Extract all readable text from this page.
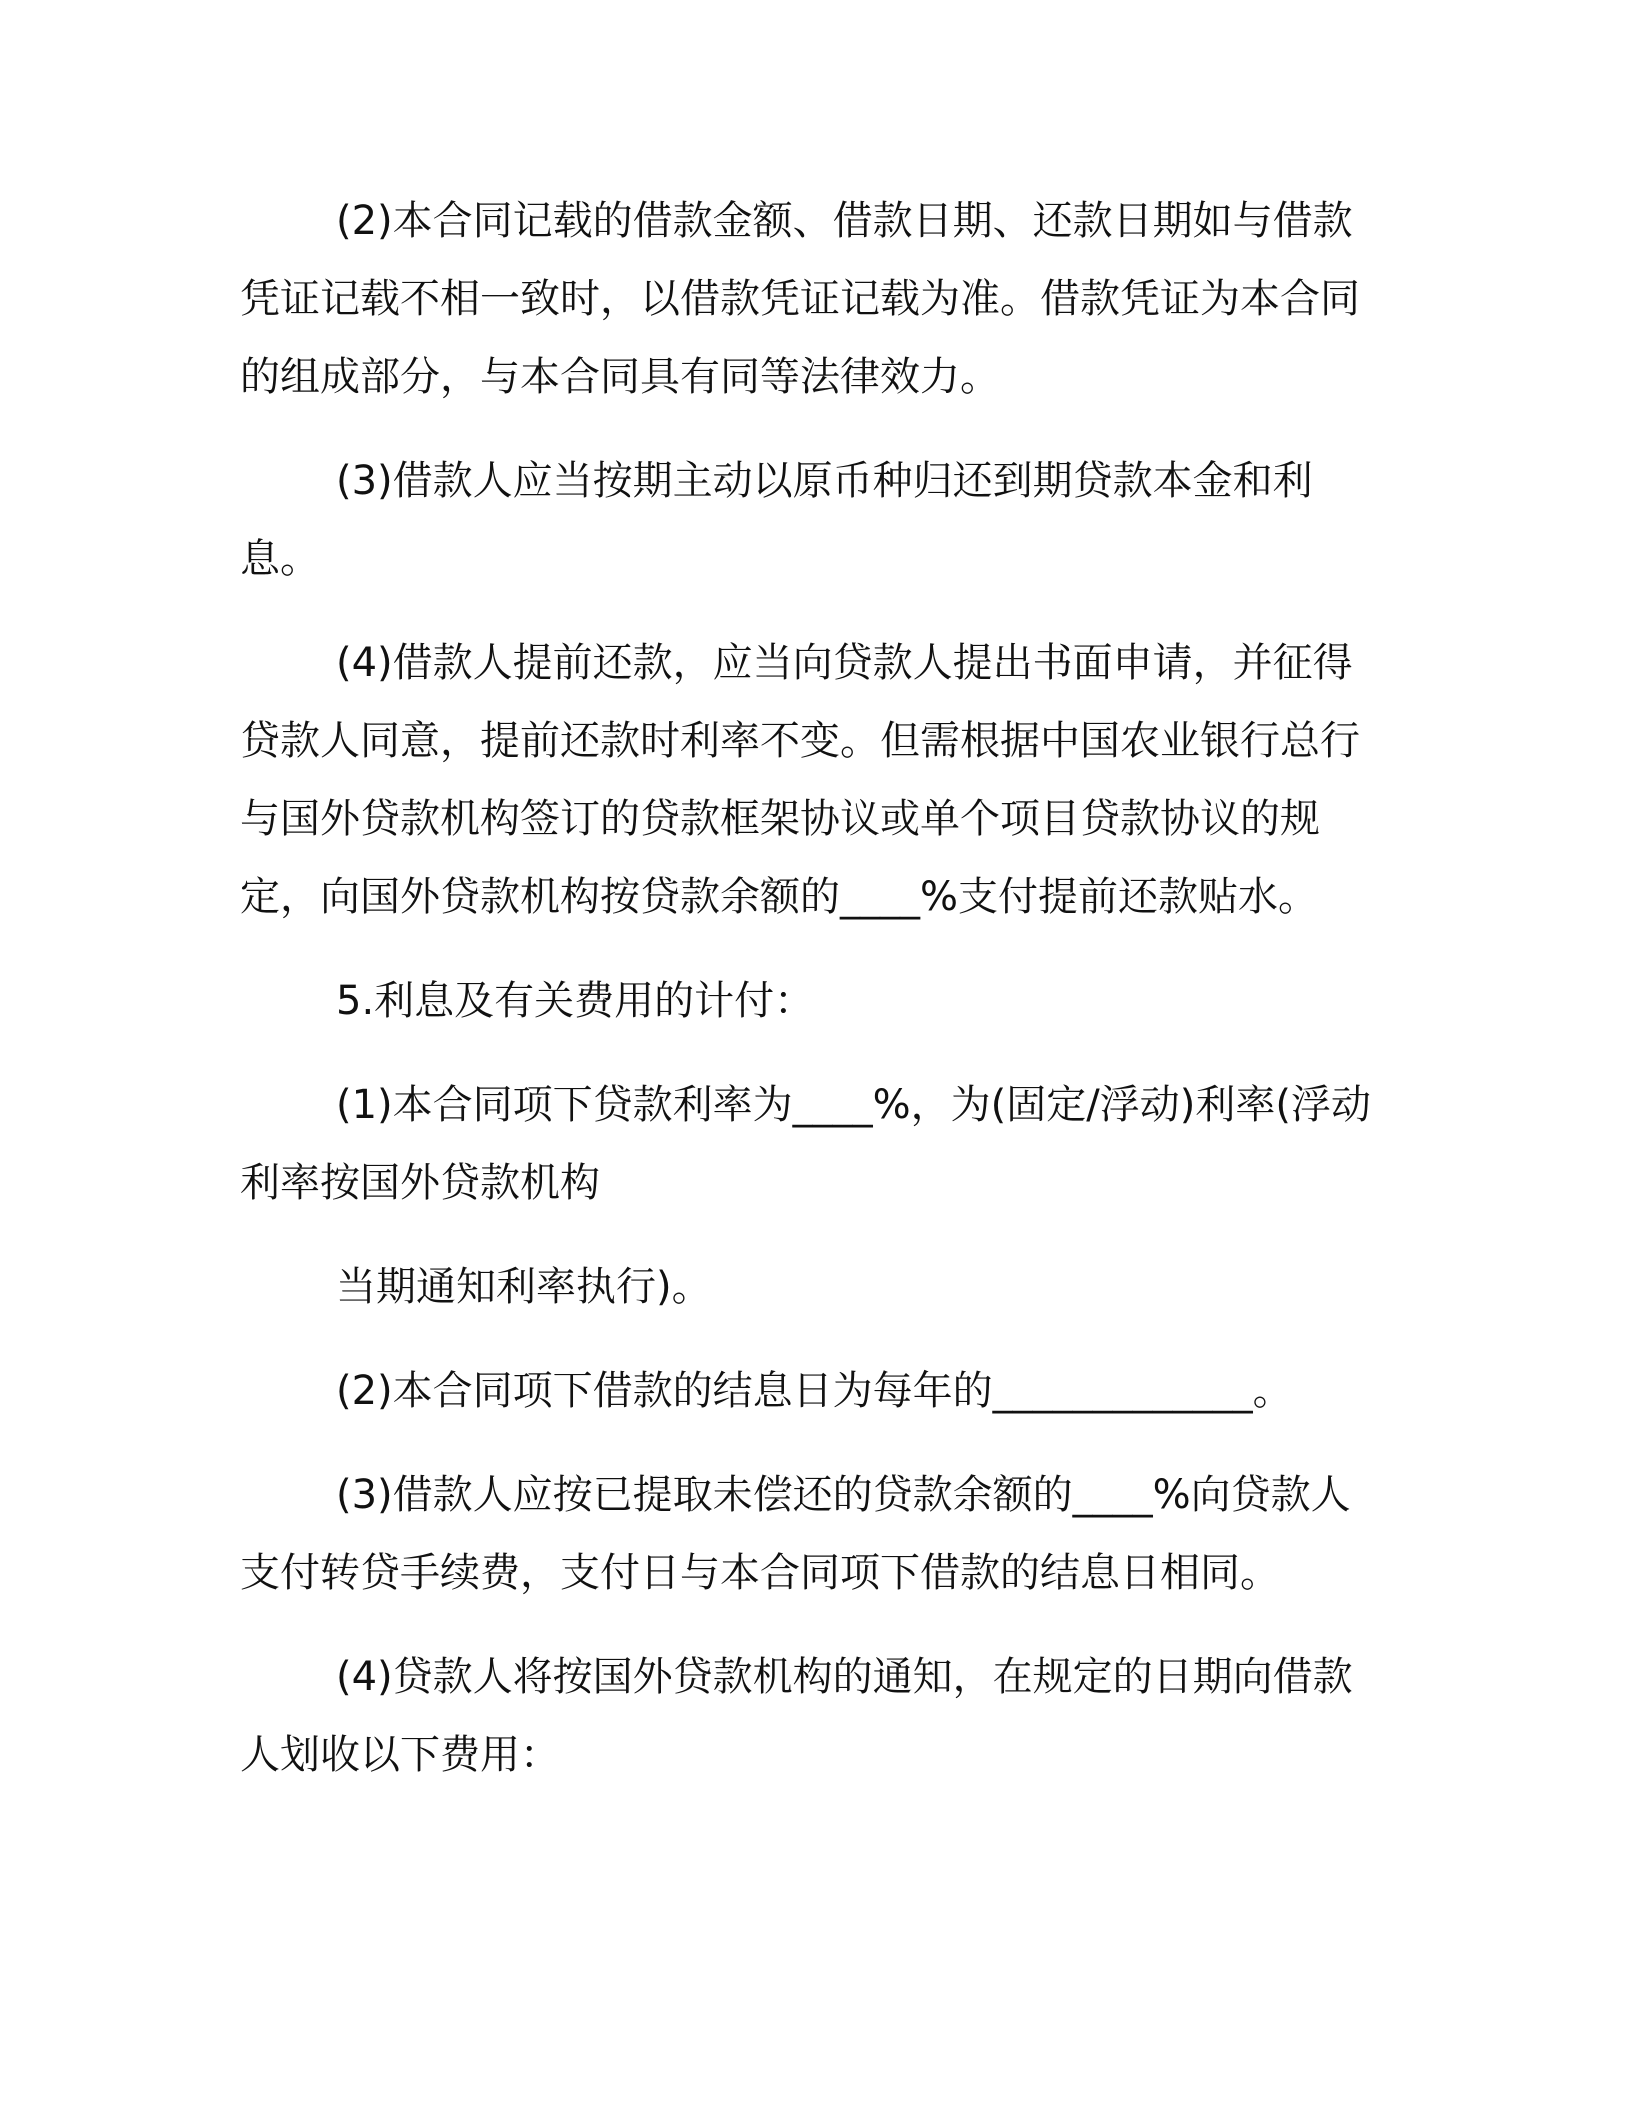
(2)本合同记载的借款金额、借款日期、还款日期如与借款凭证记载不相一致时，以借款凭证记载为准。借款凭证为本合同的组成部分，与本合同具有同等法律效力。

(3)借款人应当按期主动以原币种归还到期贷款本金和利息。

(4)借款人提前还款，应当向贷款人提出书面申请，并征得贷款人同意，提前还款时利率不变。但需根据中国农业银行总行与国外贷款机构签订的贷款框架协议或单个项目贷款协议的规定，向国外贷款机构按贷款余额的____%支付提前还款贴水。

5.利息及有关费用的计付：

(1)本合同项下贷款利率为____%，为(固定/浮动)利率(浮动利率按国外贷款机构

当期通知利率执行)。

(2)本合同项下借款的结息日为每年的_____________。

(3)借款人应按已提取未偿还的贷款余额的____%向贷款人支付转贷手续费，支付日与本合同项下借款的结息日相同。

(4)贷款人将按国外贷款机构的通知，在规定的日期向借款人划收以下费用：
